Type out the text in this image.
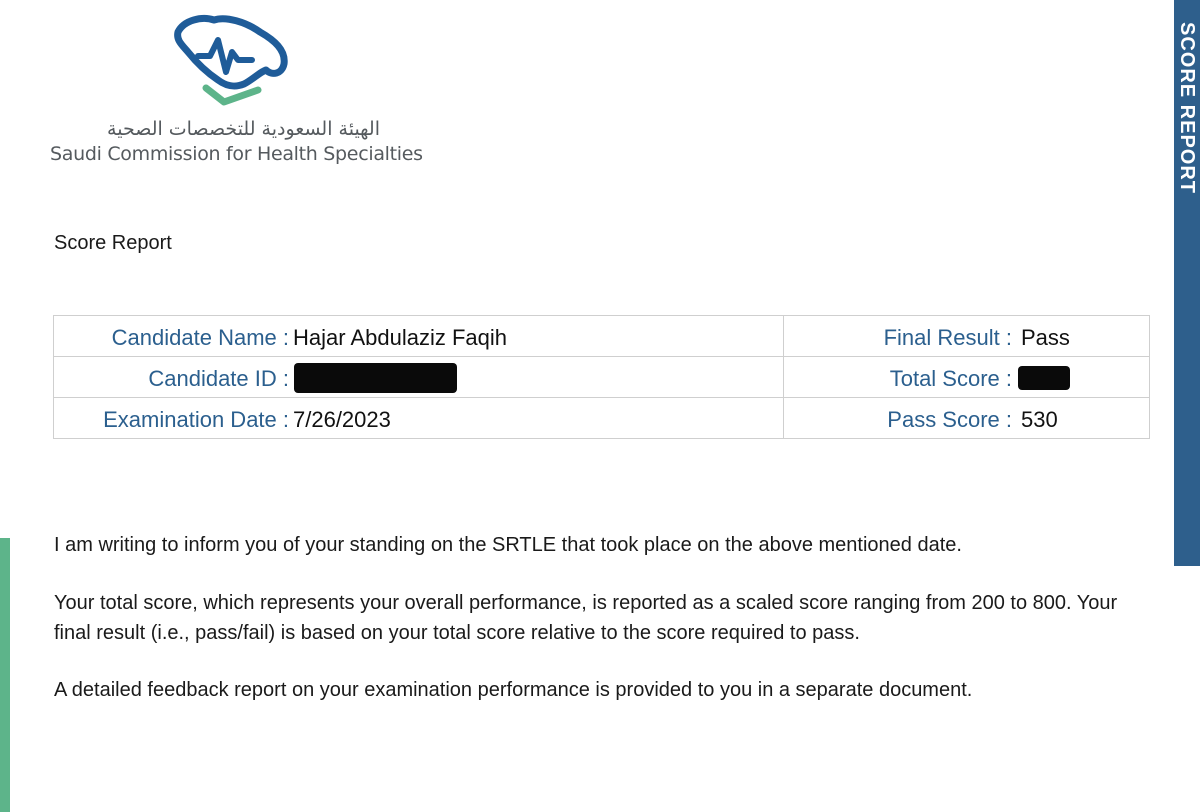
SCORE REPORT
الهيئة السعودية للتخصصات الصحية
Saudi Commission for Health Specialties
Score Report
Candidate Name : Hajar Abdulaziz Faqih	Final Result : Pass
Candidate ID :	Total Score :
Examination Date : 7/26/2023	Pass Score : 530
I am writing to inform you of your standing on the SRTLE that took place on the above mentioned date.
Your total score, which represents your overall performance, is reported as a scaled score ranging from 200 to 800. Your final result (i.e., pass/fail) is based on your total score relative to the score required to pass.
A detailed feedback report on your examination performance is provided to you in a separate document.
